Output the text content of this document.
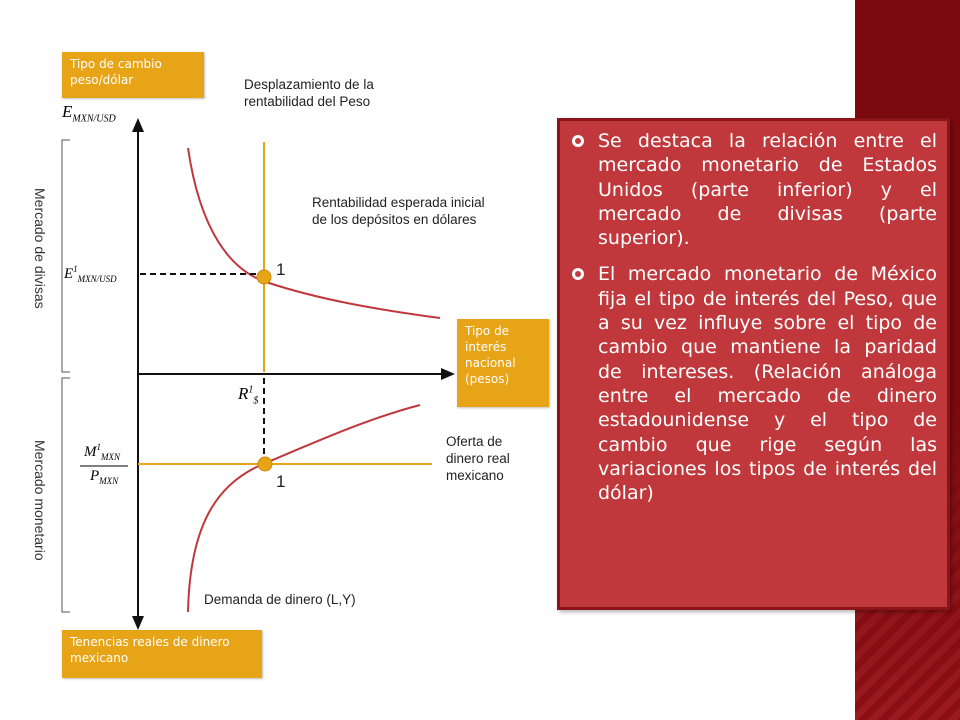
Tipo de cambio peso/dólar
Tipo de interés nacional (pesos)
Tenencias reales de dinero mexicano
Desplazamiento de la rentabilidad del Peso
Rentabilidad esperada inicial de los depósitos en dólares
Oferta de dinero real mexicano
Demanda de dinero (L,Y)
1
1
Mercado de divisas
Mercado monetario
$E_{MXN/USD}$
$E^1_{MXN/USD}$
$R^1_{\$}$
$M^1_{MXN}$
$P_{MXN}$
Se destaca la relación entre el mercado monetario de Estados Unidos (parte inferior) y el mercado de divisas (parte superior).
El mercado monetario de México fija el tipo de interés del Peso, que a su vez influye sobre el tipo de cambio que mantiene la paridad de intereses. (Relación análoga entre el mercado de dinero estadounidense y el tipo de cambio que rige según las variaciones los tipos de interés del dólar)
